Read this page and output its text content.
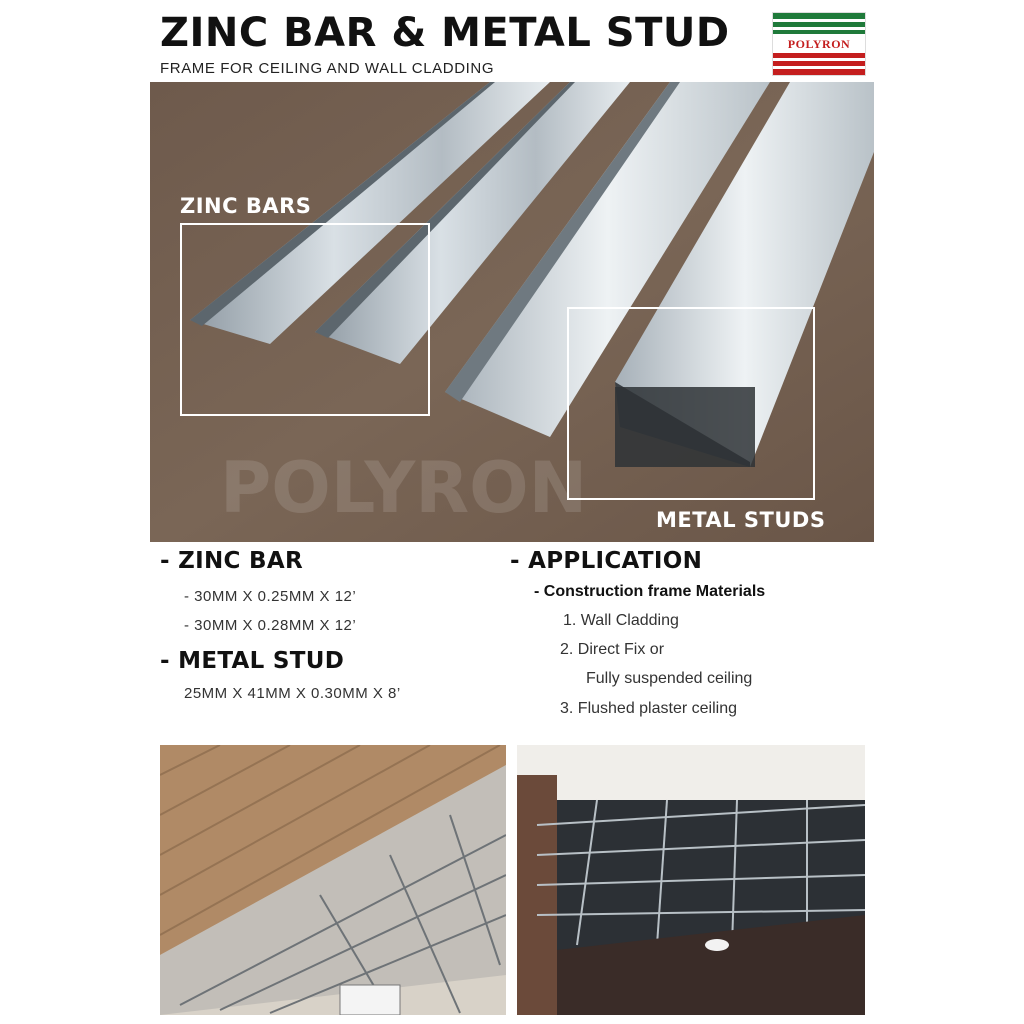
ZINC BAR & METAL STUD
FRAME FOR CEILING AND WALL CLADDING
POLYRON
POLYRON
ZINC BARS
METAL STUDS
- ZINC BAR
- 30MM X 0.25MM X 12’
- 30MM X 0.28MM X 12’
- METAL STUD
25MM X 41MM X 0.30MM X 8’
- APPLICATION
- Construction frame Materials
1. Wall Cladding
2. Direct Fix or
Fully suspended ceiling
3. Flushed plaster ceiling
